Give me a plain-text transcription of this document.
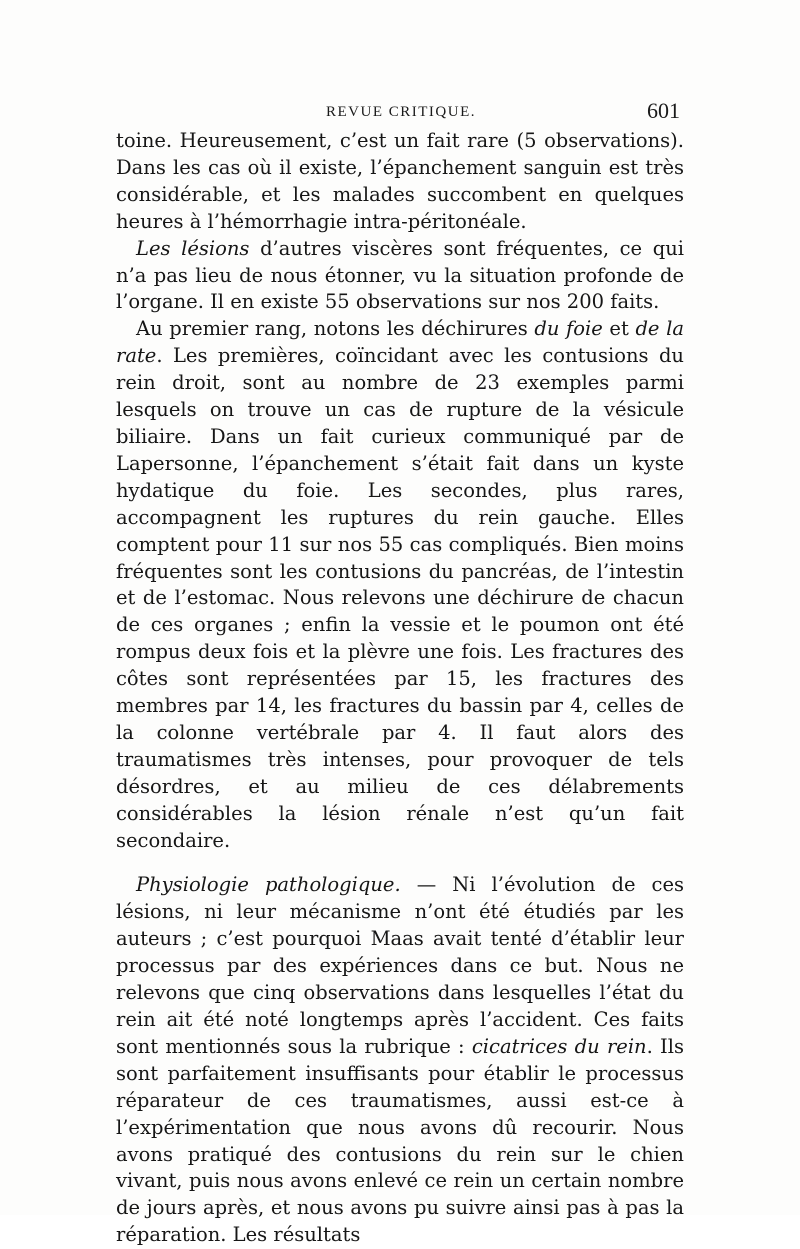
REVUE CRITIQUE.	601

toine. Heureusement, c’est un fait rare (5 observations). Dans les cas où il existe, l’épanchement sanguin est très considérable, et les malades succombent en quelques heures à l’hémorrhagie intra-péritonéale.

Les lésions d’autres viscères sont fréquentes, ce qui n’a pas lieu de nous étonner, vu la situation profonde de l’organe. Il en existe 55 observations sur nos 200 faits.

Au premier rang, notons les déchirures du foie et de la rate. Les premières, coïncidant avec les contusions du rein droit, sont au nombre de 23 exemples parmi lesquels on trouve un cas de rupture de la vésicule biliaire. Dans un fait curieux communiqué par de Lapersonne, l’épanchement s’était fait dans un kyste hydatique du foie. Les secondes, plus rares, accompagnent les ruptures du rein gauche. Elles comptent pour 11 sur nos 55 cas compliqués. Bien moins fréquentes sont les contusions du pancréas, de l’intestin et de l’estomac. Nous relevons une déchirure de chacun de ces organes ; enfin la vessie et le poumon ont été rompus deux fois et la plèvre une fois. Les fractures des côtes sont représentées par 15, les fractures des membres par 14, les fractures du bassin par 4, celles de la colonne vertébrale par 4. Il faut alors des traumatismes très intenses, pour provoquer de tels désordres, et au milieu de ces délabrements considérables la lésion rénale n’est qu’un fait secondaire.

Physiologie pathologique. — Ni l’évolution de ces lésions, ni leur mécanisme n’ont été étudiés par les auteurs ; c’est pourquoi Maas avait tenté d’établir leur processus par des expériences dans ce but. Nous ne relevons que cinq observations dans lesquelles l’état du rein ait été noté longtemps après l’accident. Ces faits sont mentionnés sous la rubrique : cicatrices du rein. Ils sont parfaitement insuffisants pour établir le processus réparateur de ces traumatismes, aussi est-ce à l’expérimentation que nous avons dû recourir. Nous avons pratiqué des contusions du rein sur le chien vivant, puis nous avons enlevé ce rein un certain nombre de jours après, et nous avons pu suivre ainsi pas à pas la réparation. Les résultats
